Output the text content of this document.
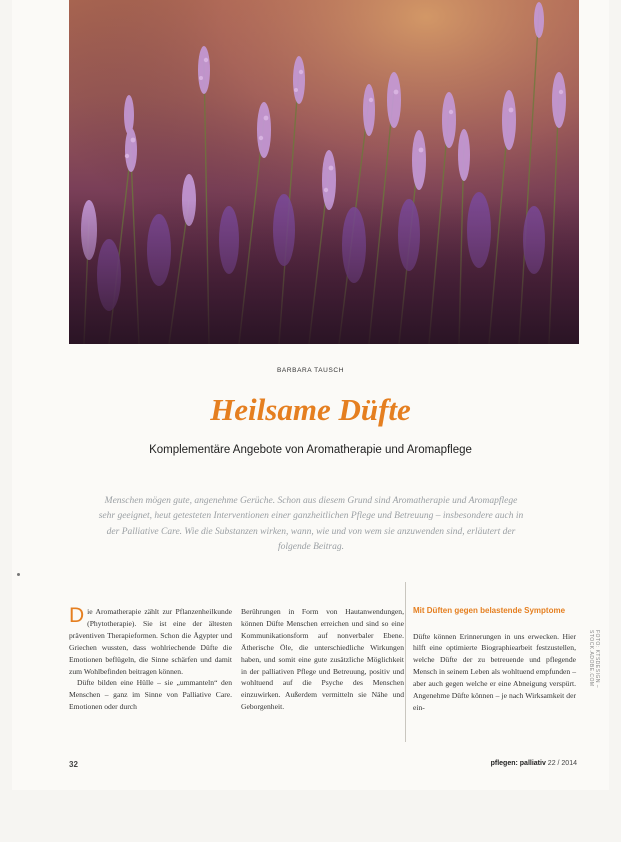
BARBARA TAUSCH
Heilsame Düfte
Komplementäre Angebote von Aromatherapie und Aromapflege
Menschen mögen gute, angenehme Gerüche. Schon aus diesem Grund sind Aromatherapie und Aromapflege sehr geeignet, heut getesteten Interventionen einer ganzheitlichen Pflege und Betreuung – insbesondere auch in der Palliative Care. Wie die Substanzen wirken, wann, wie und von wem sie anzuwenden sind, erläutert der folgende Beitrag.
Die Aromatherapie zählt zur Pflanzenheilkunde (Phytotherapie). Sie ist eine der ältesten präventiven Therapieformen. Schon die Ägypter und Griechen wussten, dass wohlriechende Düfte die Emotionen beflügeln, die Sinne schärfen und damit zum Wohlbefinden beitragen können.
Düfte bilden eine Hülle – sie „ummanteln“ den Menschen – ganz im Sinne von Palliative Care. Emotionen oder durch
Berührungen in Form von Hautanwendungen, können Düfte Menschen erreichen und sind so eine Kommunikationsform auf nonverbaler Ebene. Ätherische Öle, die unterschiedliche Wirkungen haben, und somit eine gute zusätzliche Möglichkeit in der palliativen Pflege und Betreuung, positiv und wohltuend auf die Psyche des Menschen einzuwirken. Außerdem vermitteln sie Nähe und Geborgenheit.
Mit Düften gegen belastende Symptome
Düfte können Erinnerungen in uns erwecken. Hier hilft eine optimierte Biographiearbeit festzustellen, welche Düfte der zu betreuende und pflegende Mensch in seinem Leben als wohltuend empfunden – aber auch gegen welche er eine Abneigung verspürt. Angenehme Düfte können – je nach Wirksamkeit der ein-
FOTO: KTSDESIGN – STOCK.ADOBE.COM
32	pflegen: palliativ 22 / 2014
